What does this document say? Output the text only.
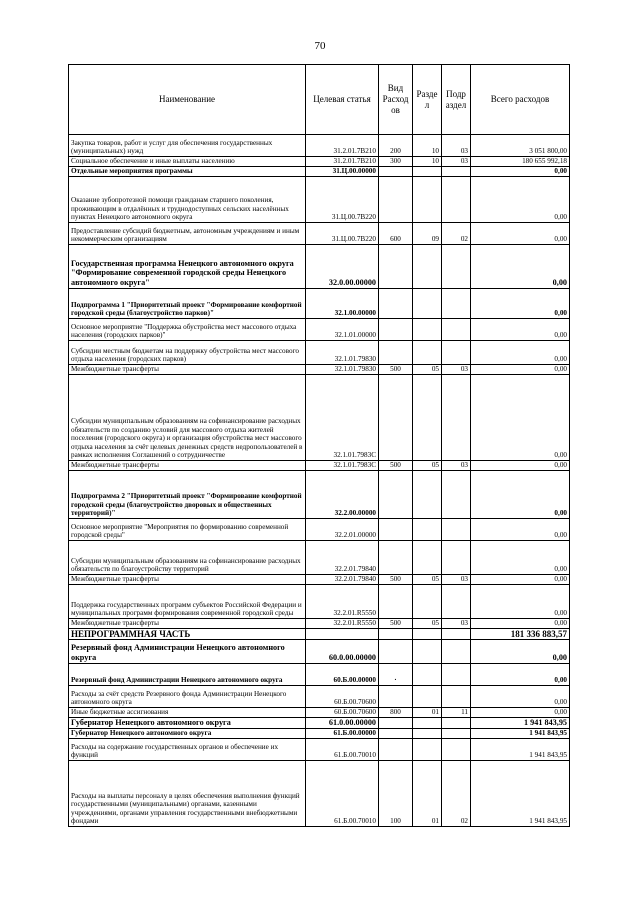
70
Наименование	Целевая статья	Вид Расход ов	Разде л	Подр аздел	Всего расходов
Закупка товаров, работ и услуг для обеспечения государственных (муниципальных) нужд	31.2.01.7В210	200	10	03	3 051 800,00
Социальное обеспечение и иные выплаты населению	31.2.01.7В210	300	10	03	180 655 992,18
Отдельные мероприятия программы	31.Ц.00.00000				0,00
Оказание зубопротезной помощи гражданам старшего поколения, проживающим в отдалённых и труднодоступных сельских населённых пунктах Ненецкого автономного округа	31.Ц.00.7В220				0,00
Предоставление субсидий бюджетным, автономным учреждениям и иным некоммерческим организациям	31.Ц.00.7В220	600	09	02	0,00
Государственная программа Ненецкого автономного округа "Формирование современной городской среды Ненецкого автономного округа"	32.0.00.00000				0,00
Подпрограмма 1 "Приоритетный проект "Формирование комфортной городской среды (благоустройство парков)"	32.1.00.00000				0,00
Основное мероприятие "Поддержка обустройства мест массового отдыха населения (городских парков)"	32.1.01.00000				0,00
Субсидии местным бюджетам на поддержку обустройства мест массового отдыха населения (городских парков)	32.1.01.79830				0,00
Межбюджетные трансферты	32.1.01.79830	500	05	03	0,00
Субсидии муниципальным образованиям на софинансирование расходных обязательств по созданию условий для массового отдыха жителей поселения (городского округа) и организация обустройства мест массового отдыха населения за счёт целевых денежных средств недропользователей в рамках исполнения Соглашений о сотрудничестве	32.1.01.7983С				0,00
Межбюджетные трансферты	32.1.01.7983С	500	05	03	0,00
Подпрограмма 2 "Приоритетный проект "Формирование комфортной городской среды (благоустройство дворовых и общественных территорий)"	32.2.00.00000				0,00
Основное мероприятие "Мероприятия по формированию современной городской среды"	32.2.01.00000				0,00
Субсидии муниципальным образованиям на софинансирование расходных обязательств по благоустройству территорий	32.2.01.79840				0,00
Межбюджетные трансферты	32.2.01.79840	500	05	03	0,00
Поддержка государственных программ субъектов Российской Федерации и муниципальных программ формирования современной городской среды	32.2.01.R5550				0,00
Межбюджетные трансферты	32.2.01.R5550	500	05	03	0,00
НЕПРОГРАММНАЯ ЧАСТЬ					181 336 883,57
Резервный фонд Администрации Ненецкого автономного округа	60.0.00.00000				0,00
Резервный фонд Администрации Ненецкого автономного округа	60.Б.00.00000	·			0,00
Расходы за счёт средств Резервного фонда Администрации Ненецкого автономного округа	60.Б.00.70600				0,00
Иные бюджетные ассигнования	60.Б.00.70600	800	01	11	0,00
Губернатор Ненецкого автономного округа	61.0.00.00000				1 941 843,95
Губернатор Ненецкого автономного округа	61.Б.00.00000				1 941 843,95
Расходы на содержание государственных органов и обеспечение их функций	61.Б.00.70010				1 941 843,95
Расходы на выплаты персоналу в целях обеспечения выполнения функций государственными (муниципальными) органами, казенными учреждениями, органами управления государственными внебюджетными фондами	61.Б.00.70010	100	01	02	1 941 843,95
